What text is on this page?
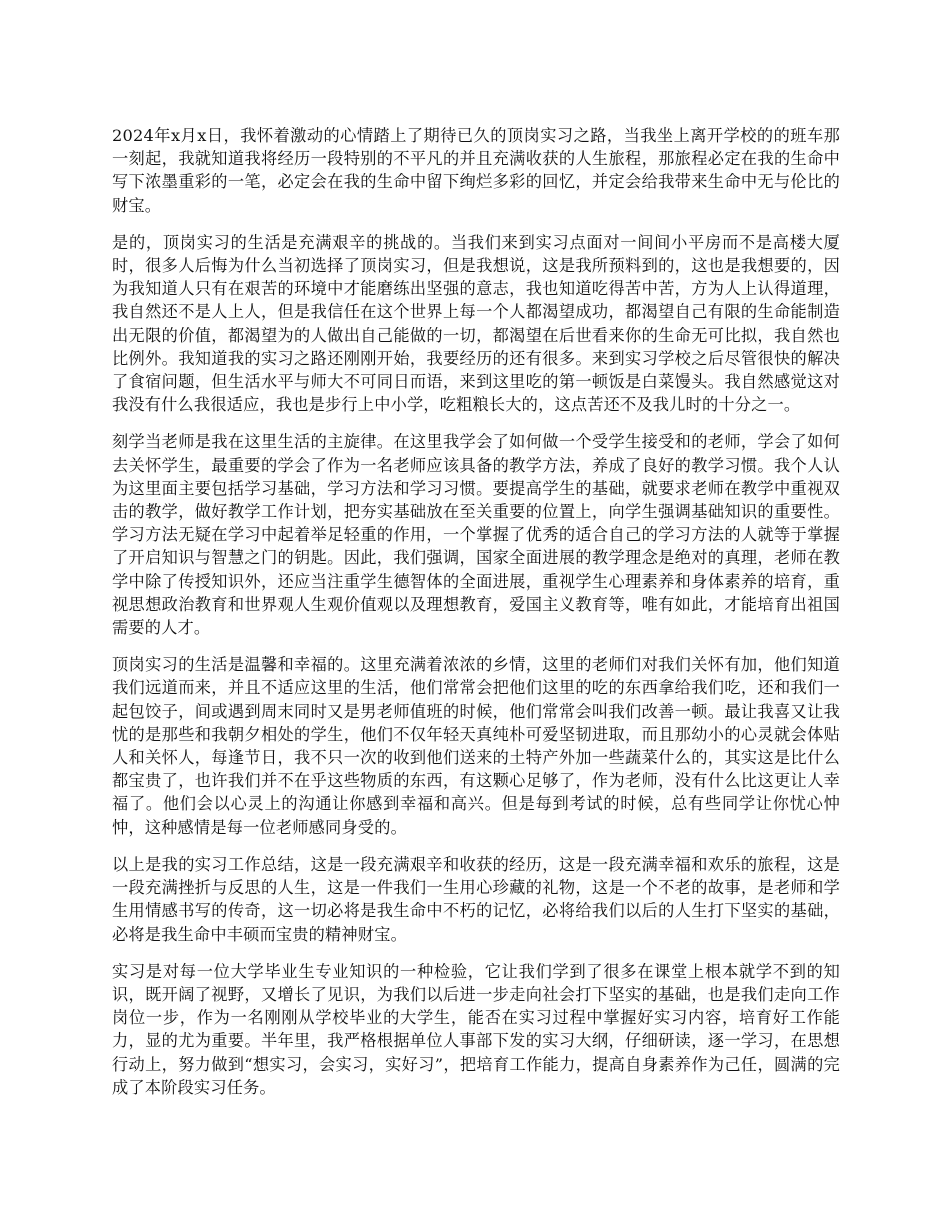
2024年x月x日，我怀着激动的心情踏上了期待已久的顶岗实习之路，当我坐上离开学校的的班车那一刻起，我就知道我将经历一段特别的不平凡的并且充满收获的人生旅程，那旅程必定在我的生命中写下浓墨重彩的一笔，必定会在我的生命中留下绚烂多彩的回忆，并定会给我带来生命中无与伦比的财宝。

是的，顶岗实习的生活是充满艰辛的挑战的。当我们来到实习点面对一间间小平房而不是高楼大厦时，很多人后悔为什么当初选择了顶岗实习，但是我想说，这是我所预料到的，这也是我想要的，因为我知道人只有在艰苦的环境中才能磨练出坚强的意志，我也知道吃得苦中苦，方为人上认得道理，我自然还不是人上人，但是我信任在这个世界上每一个人都渴望成功，都渴望自己有限的生命能制造出无限的价值，都渴望为的人做出自己能做的一切，都渴望在后世看来你的生命无可比拟，我自然也比例外。我知道我的实习之路还刚刚开始，我要经历的还有很多。来到实习学校之后尽管很快的解决了食宿问题，但生活水平与师大不可同日而语，来到这里吃的第一顿饭是白菜馒头。我自然感觉这对我没有什么我很适应，我也是步行上中小学，吃粗粮长大的，这点苦还不及我儿时的十分之一。

刻学当老师是我在这里生活的主旋律。在这里我学会了如何做一个受学生接受和的老师，学会了如何去关怀学生，最重要的学会了作为一名老师应该具备的教学方法，养成了良好的教学习惯。我个人认为这里面主要包括学习基础，学习方法和学习习惯。要提高学生的基础，就要求老师在教学中重视双击的教学，做好教学工作计划，把夯实基础放在至关重要的位置上，向学生强调基础知识的重要性。学习方法无疑在学习中起着举足轻重的作用，一个掌握了优秀的适合自己的学习方法的人就等于掌握了开启知识与智慧之门的钥匙。因此，我们强调，国家全面进展的教学理念是绝对的真理，老师在教学中除了传授知识外，还应当注重学生德智体的全面进展，重视学生心理素养和身体素养的培育，重视思想政治教育和世界观人生观价值观以及理想教育，爱国主义教育等，唯有如此，才能培育出祖国需要的人才。

顶岗实习的生活是温馨和幸福的。这里充满着浓浓的乡情，这里的老师们对我们关怀有加，他们知道我们远道而来，并且不适应这里的生活，他们常常会把他们这里的吃的东西拿给我们吃，还和我们一起包饺子，间或遇到周末同时又是男老师值班的时候，他们常常会叫我们改善一顿。最让我喜又让我忧的是那些和我朝夕相处的学生，他们不仅年轻天真纯朴可爱坚韧进取，而且那幼小的心灵就会体贴人和关怀人，每逢节日，我不只一次的收到他们送来的土特产外加一些蔬菜什么的，其实这是比什么都宝贵了，也许我们并不在乎这些物质的东西，有这颗心足够了，作为老师，没有什么比这更让人幸福了。他们会以心灵上的沟通让你感到幸福和高兴。但是每到考试的时候，总有些同学让你忧心忡忡，这种感情是每一位老师感同身受的。

以上是我的实习工作总结，这是一段充满艰辛和收获的经历，这是一段充满幸福和欢乐的旅程，这是一段充满挫折与反思的人生，这是一件我们一生用心珍藏的礼物，这是一个不老的故事，是老师和学生用情感书写的传奇，这一切必将是我生命中不朽的记忆，必将给我们以后的人生打下坚实的基础，必将是我生命中丰硕而宝贵的精神财宝。

实习是对每一位大学毕业生专业知识的一种检验，它让我们学到了很多在课堂上根本就学不到的知识，既开阔了视野，又增长了见识，为我们以后进一步走向社会打下坚实的基础，也是我们走向工作岗位一步，作为一名刚刚从学校毕业的大学生，能否在实习过程中掌握好实习内容，培育好工作能力，显的尤为重要。半年里，我严格根据单位人事部下发的实习大纲，仔细研读，逐一学习，在思想行动上，努力做到“想实习，会实习，实好习”，把培育工作能力，提高自身素养作为己任，圆满的完成了本阶段实习任务。
